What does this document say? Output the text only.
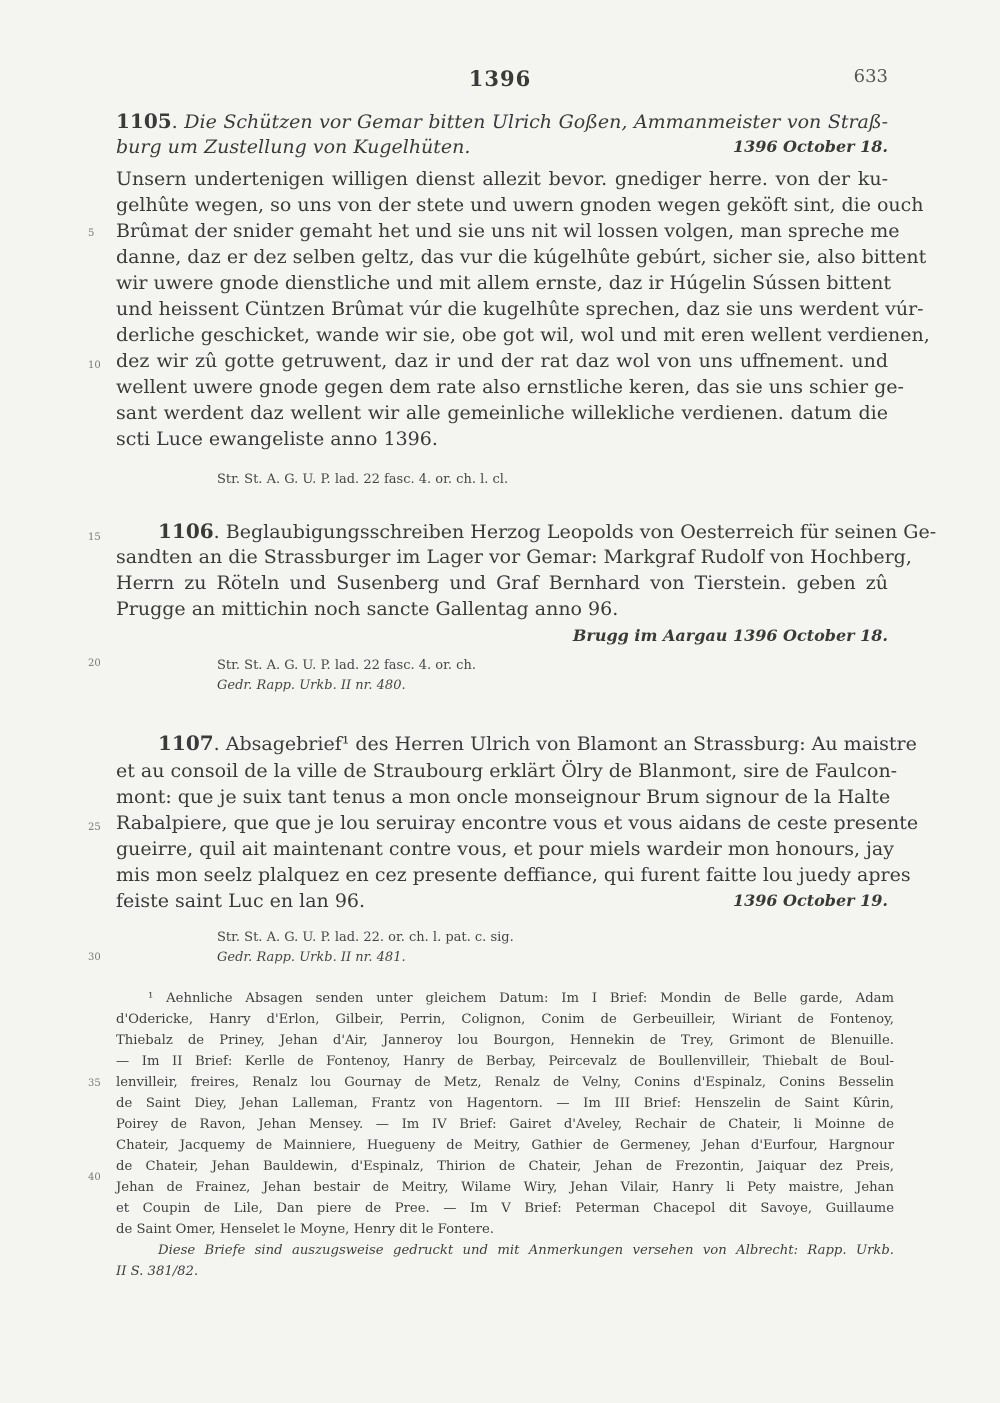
1396	633
1105. Die Schützen vor Gemar bitten Ulrich Goßen, Ammanmeister von Straß-
burg um Zustellung von Kugelhüten.	1396 October 18.
Unsern undertenigen willigen dienst allezit bevor. gnediger herre. von der ku-
gelhûte wegen, so uns von der stete und uwern gnoden wegen geköft sint, die ouch
Brûmat der snider gemaht het und sie uns nit wil lossen volgen, man spreche me
danne, daz er dez selben geltz, das vur die kúgelhûte gebúrt, sicher sie, also bittent
wir uwere gnode dienstliche und mit allem ernste, daz ir Húgelin Sússen bittent
und heissent Cüntzen Brûmat vúr die kugelhûte sprechen, daz sie uns werdent vúr-
derliche geschicket, wande wir sie, obe got wil, wol und mit eren wellent verdienen,
dez wir zû gotte getruwent, daz ir und der rat daz wol von uns uffnement. und
wellent uwere gnode gegen dem rate also ernstliche keren, das sie uns schier ge-
sant werdent daz wellent wir alle gemeinliche willekliche verdienen. datum die
scti Luce ewangeliste anno 1396.
Str. St. A. G. U. P. lad. 22 fasc. 4. or. ch. l. cl.
1106. Beglaubigungsschreiben Herzog Leopolds von Oesterreich für seinen Ge-
sandten an die Strassburger im Lager vor Gemar: Markgraf Rudolf von Hochberg,
Herrn zu Röteln und Susenberg und Graf Bernhard von Tierstein. geben zû
Prugge an mittichin noch sancte Gallentag anno 96.
Brugg im Aargau 1396 October 18.
Str. St. A. G. U. P. lad. 22 fasc. 4. or. ch.
Gedr. Rapp. Urkb. II nr. 480.
1107. Absagebrief¹ des Herren Ulrich von Blamont an Strassburg: Au maistre
et au consoil de la ville de Straubourg erklärt Ölry de Blanmont, sire de Faulcon-
mont: que je suix tant tenus a mon oncle monseignour Brum signour de la Halte
Rabalpiere, que que je lou seruiray encontre vous et vous aidans de ceste presente
gueirre, quil ait maintenant contre vous, et pour miels wardeir mon honours, jay
mis mon seelz plalquez en cez presente deffiance, qui furent faitte lou juedy apres
feiste saint Luc en lan 96.	1396 October 19.
Str. St. A. G. U. P. lad. 22. or. ch. l. pat. c. sig.
Gedr. Rapp. Urkb. II nr. 481.
5
10
15
20
25
30
35
40
¹ Aehnliche Absagen senden unter gleichem Datum: Im I Brief: Mondin de Belle garde, Adam
d'Odericke, Hanry d'Erlon, Gilbeir, Perrin, Colignon, Conim de Gerbeuilleir, Wiriant de Fontenoy,
Thiebalz de Priney, Jehan d'Air, Janneroy lou Bourgon, Hennekin de Trey, Grimont de Blenuille.
— Im II Brief: Kerlle de Fontenoy, Hanry de Berbay, Peircevalz de Boullenvilleir, Thiebalt de Boul-
lenvilleir, freires, Renalz lou Gournay de Metz, Renalz de Velny, Conins d'Espinalz, Conins Besselin
de Saint Diey, Jehan Lalleman, Frantz von Hagentorn. — Im III Brief: Henszelin de Saint Kûrin,
Poirey de Ravon, Jehan Mensey. — Im IV Brief: Gairet d'Aveley, Rechair de Chateir, li Moinne de
Chateir, Jacquemy de Mainniere, Huegueny de Meitry, Gathier de Germeney, Jehan d'Eurfour, Hargnour
de Chateir, Jehan Bauldewin, d'Espinalz, Thirion de Chateir, Jehan de Frezontin, Jaiquar dez Preis,
Jehan de Frainez, Jehan bestair de Meitry, Wilame Wiry, Jehan Vilair, Hanry li Pety maistre, Jehan
et Coupin de Lile, Dan piere de Pree. — Im V Brief: Peterman Chacepol dit Savoye, Guillaume
de Saint Omer, Henselet le Moyne, Henry dit le Fontere.
Diese Briefe sind auszugsweise gedruckt und mit Anmerkungen versehen von Albrecht: Rapp. Urkb.
II S. 381/82.
